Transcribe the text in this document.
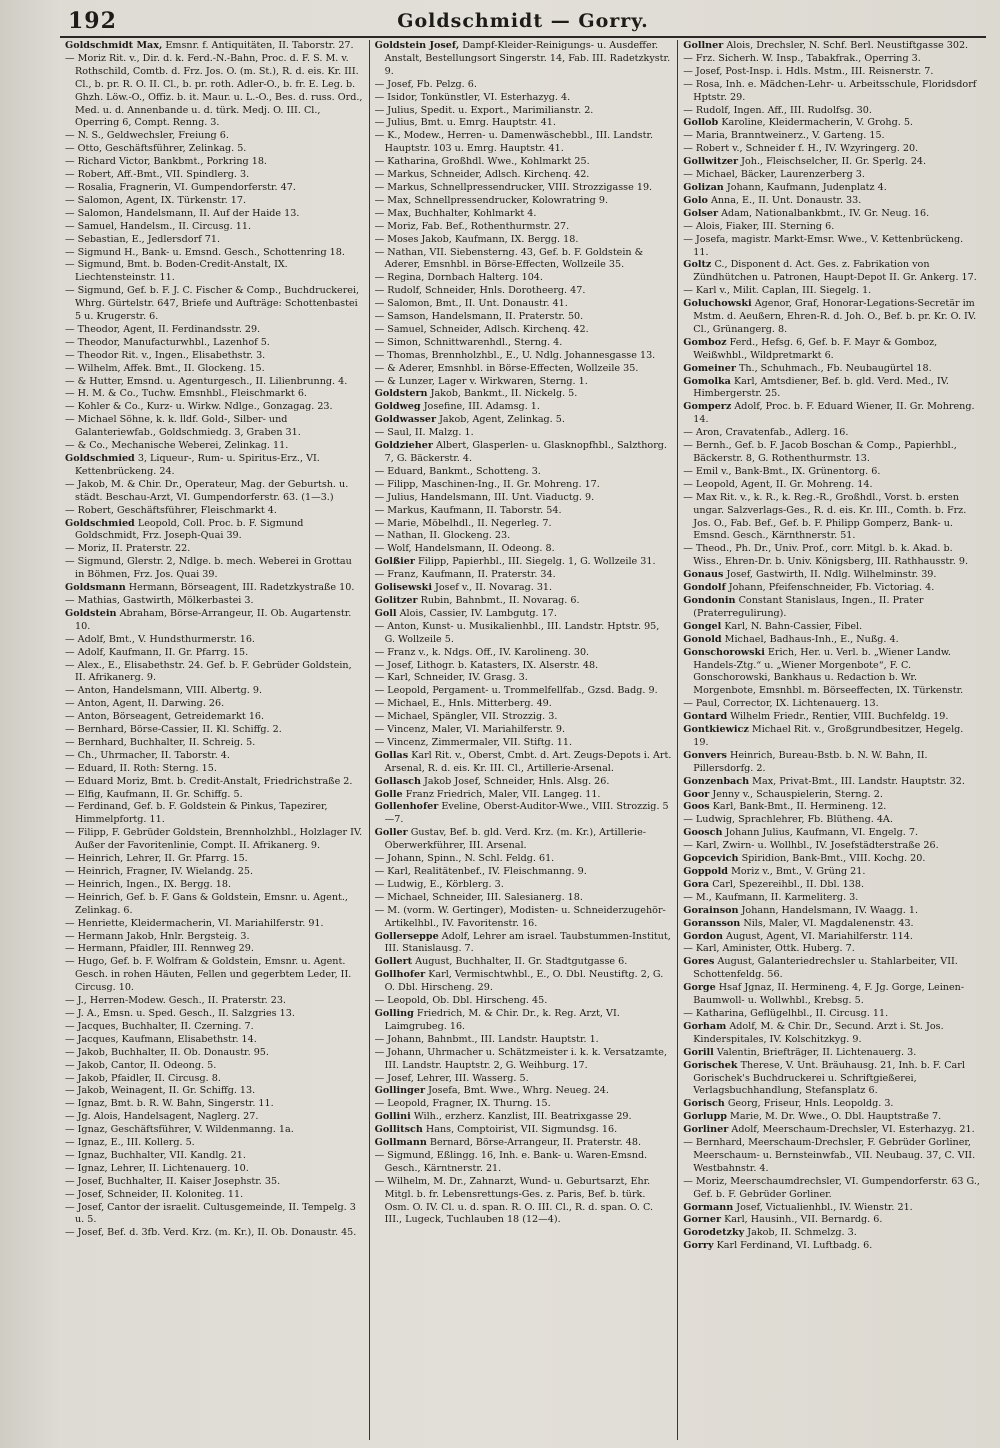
192	Goldschmidt — Gorry.

Goldschmidt Max, Emsnr. f. Antiquitäten, II. Taborstr. 27.

— Moriz Rit. v., Dir. d. k. Ferd.-N.-Bahn, Proc. d. F. S. M. v. Rothschild, Comtb. d. Frz. Jos. O. (m. St.), R. d. eis. Kr. III. Cl., b. pr. R. O. II. Cl., b. pr. roth. Adler-O., b. fr. E. Leg. b. Ghzh. Löw.-O., Offiz. b. it. Maur. u. L.-O., Bes. d. russ. Ord., Med. u. d. Annenbande u. d. türk. Medj. O. III. Cl., Operring 6, Compt. Renng. 3.

— N. S., Geldwechsler, Freiung 6.

— Otto, Geschäftsführer, Zelinkag. 5.

— Richard Victor, Bankbmt., Porkring 18.

— Robert, Aff.-Bmt., VII. Spindlerg. 3.

— Rosalia, Fragnerin, VI. Gumpendorferstr. 47.

— Salomon, Agent, IX. Türkenstr. 17.

— Salomon, Handelsmann, II. Auf der Haide 13.

— Samuel, Handelsm., II. Circusg. 11.

— Sebastian, E., Jedlersdorf 71.

— Sigmund H., Bank- u. Emsnd. Gesch., Schottenring 18.

— Sigmund, Bmt. b. Boden-Credit-Anstalt, IX. Liechtensteinstr. 11.

— Sigmund, Gef. b. F. J. C. Fischer & Comp., Buchdruckerei, Whrg. Gürtelstr. 647, Briefe und Aufträge: Schottenbastei 5 u. Krugerstr. 6.

— Theodor, Agent, II. Ferdinandsstr. 29.

— Theodor, Manufacturwhbl., Lazenhof 5.

— Theodor Rit. v., Ingen., Elisabethstr. 3.

— Wilhelm, Affek. Bmt., II. Glockeng. 15.

— & Hutter, Emsnd. u. Agenturgesch., II. Lilienbrunng. 4.

— H. M. & Co., Tuchw. Emsnhbl., Fleischmarkt 6.

— Kohler & Co., Kurz- u. Wirkw. Ndlge., Gonzagag. 23.

— Michael Söhne, k. k. lldf. Gold-, Silber- und Galanteriewfab., Goldschmiedg. 3, Graben 31.

— & Co., Mechanische Weberei, Zelinkag. 11.

Goldschmied 3, Liqueur-, Rum- u. Spiritus-Erz., VI. Kettenbrückeng. 24.

— Jakob, M. & Chir. Dr., Operateur, Mag. der Geburtsh. u. städt. Beschau-Arzt, VI. Gumpendorferstr. 63. (1—3.)

— Robert, Geschäftsführer, Fleischmarkt 4.

Goldschmied Leopold, Coll. Proc. b. F. Sigmund Goldschmidt, Frz. Joseph-Quai 39.

— Moriz, II. Praterstr. 22.

— Sigmund, Glerstr. 2, Ndlge. b. mech. Weberei in Grottau in Böhmen, Frz. Jos. Quai 39.

Goldsmann Hermann, Börseagent, III. Radetzkystraße 10.

— Mathias, Gastwirth, Mölkerbastei 3.

Goldstein Abraham, Börse-Arrangeur, II. Ob. Augartenstr. 10.

— Adolf, Bmt., V. Hundsthurmerstr. 16.

— Adolf, Kaufmann, II. Gr. Pfarrg. 15.

— Alex., E., Elisabethstr. 24. Gef. b. F. Gebrüder Goldstein, II. Afrikanerg. 9.

— Anton, Handelsmann, VIII. Albertg. 9.

— Anton, Agent, II. Darwing. 26.

— Anton, Börseagent, Getreidemarkt 16.

— Bernhard, Börse-Cassier, II. Kl. Schiffg. 2.

— Bernhard, Buchhalter, II. Schreig. 5.

— Ch., Uhrmacher, II. Taborstr. 4.

— Eduard, II. Roth: Sterng. 15.

— Eduard Moriz, Bmt. b. Credit-Anstalt, Friedrichstraße 2.

— Elfig, Kaufmann, II. Gr. Schiffg. 5.

— Ferdinand, Gef. b. F. Goldstein & Pinkus, Tapezirer, Himmelpfortg. 11.

— Filipp, F. Gebrüder Goldstein, Brennholzhbl., Holzlager IV. Außer der Favoritenlinie, Compt. II. Afrikanerg. 9.

— Heinrich, Lehrer, II. Gr. Pfarrg. 15.

— Heinrich, Fragner, IV. Wielandg. 25.

— Heinrich, Ingen., IX. Bergg. 18.

— Heinrich, Gef. b. F. Gans & Goldstein, Emsnr. u. Agent., Zelinkag. 6.

— Henriette, Kleidermacherin, VI. Mariahilferstr. 91.

— Hermann Jakob, Hnlr. Bergsteig. 3.

— Hermann, Pfaidler, III. Rennweg 29.

— Hugo, Gef. b. F. Wolfram & Goldstein, Emsnr. u. Agent. Gesch. in rohen Häuten, Fellen und gegerbtem Leder, II. Circusg. 10.

— J., Herren-Modew. Gesch., II. Praterstr. 23.

— J. A., Emsn. u. Sped. Gesch., II. Salzgries 13.

— Jacques, Buchhalter, II. Czerning. 7.

— Jacques, Kaufmann, Elisabethstr. 14.

— Jakob, Buchhalter, II. Ob. Donaustr. 95.

— Jakob, Cantor, II. Odeong. 5.

— Jakob, Pfaidler, II. Circusg. 8.

— Jakob, Weinagent, II. Gr. Schiffg. 13.

— Ignaz, Bmt. b. R. W. Bahn, Singerstr. 11.

— Jg. Alois, Handelsagent, Naglerg. 27.

— Ignaz, Geschäftsführer, V. Wildenmanng. 1a.

— Ignaz, E., III. Kollerg. 5.

— Ignaz, Buchhalter, VII. Kandlg. 21.

— Ignaz, Lehrer, II. Lichtenauerg. 10.

— Josef, Buchhalter, II. Kaiser Josephstr. 35.

— Josef, Schneider, II. Koloniteg. 11.

— Josef, Cantor der israelit. Cultusgemeinde, II. Tempelg. 3 u. 5.

— Josef, Bef. d. 3fb. Verd. Krz. (m. Kr.), II. Ob. Donaustr. 45.

Goldstein Josef, Dampf-Kleider-Reinigungs- u. Ausdeffer. Anstalt, Bestellungsort Singerstr. 14, Fab. III. Radetzkystr. 9.

— Josef, Fb. Pelzg. 6.

— Isidor, Tonkünstler, VI. Esterhazyg. 4.

— Julius, Spedit. u. Export., Marimilianstr. 2.

— Julius, Bmt. u. Emrg. Hauptstr. 41.

— K., Modew., Herren- u. Damenwäschebbl., III. Landstr. Hauptstr. 103 u. Emrg. Hauptstr. 41.

— Katharina, Großhdl. Wwe., Kohlmarkt 25.

— Markus, Schneider, Adlsch. Kirchenq. 42.

— Markus, Schnellpressendrucker, VIII. Strozzigasse 19.

— Max, Schnellpressendrucker, Kolowratring 9.

— Max, Buchhalter, Kohlmarkt 4.

— Moriz, Fab. Bef., Rothenthurmstr. 27.

— Moses Jakob, Kaufmann, IX. Bergg. 18.

— Nathan, VII. Siebensterng. 43, Gef. b. F. Goldstein & Aderer, Emsnhbl. in Börse-Effecten, Wollzeile 35.

— Regina, Dornbach Halterg. 104.

— Rudolf, Schneider, Hnls. Dorotheerg. 47.

— Salomon, Bmt., II. Unt. Donaustr. 41.

— Samson, Handelsmann, II. Praterstr. 50.

— Samuel, Schneider, Adlsch. Kirchenq. 42.

— Simon, Schnittwarenhdl., Sterng. 4.

— Thomas, Brennholzhbl., E., U. Ndlg. Johannesgasse 13.

— & Aderer, Emsnhbl. in Börse-Effecten, Wollzeile 35.

— & Lunzer, Lager v. Wirkwaren, Sterng. 1.

Goldstern Jakob, Bankmt., II. Nickelg. 5.

Goldweg Josefine, III. Adamsg. 1.

Goldwasser Jakob, Agent, Zelinkag. 5.

— Saul, II. Malzg. 1.

Goldzieher Albert, Glasperlen- u. Glasknopfhbl., Salzthorg. 7, G. Bäckerstr. 4.

— Eduard, Bankmt., Schotteng. 3.

— Filipp, Maschinen-Ing., II. Gr. Mohreng. 17.

— Julius, Handelsmann, III. Unt. Viaductg. 9.

— Markus, Kaufmann, II. Taborstr. 54.

— Marie, Möbelhdl., II. Negerleg. 7.

— Nathan, II. Glockeng. 23.

— Wolf, Handelsmann, II. Odeong. 8.

Golßier Filipp, Papierhbl., III. Siegelg. 1, G. Wollzeile 31.

— Franz, Kaufmann, II. Praterstr. 34.

Golisewski Josef v., II. Novarag. 31.

Golitzer Rubin, Bahnbmt., II. Novarag. 6.

Goll Alois, Cassier, IV. Lambgutg. 17.

— Anton, Kunst- u. Musikalienhbl., III. Landstr. Hptstr. 95, G. Wollzeile 5.

— Franz v., k. Ndgs. Off., IV. Karolineng. 30.

— Josef, Lithogr. b. Katasters, IX. Alserstr. 48.

— Karl, Schneider, IV. Grasg. 3.

— Leopold, Pergament- u. Trommelfellfab., Gzsd. Badg. 9.

— Michael, E., Hnls. Mitterberg. 49.

— Michael, Spängler, VII. Strozzig. 3.

— Vincenz, Maler, VI. Mariahilferstr. 9.

— Vincenz, Zimmermaler, VII. Stiftg. 11.

Gollas Karl Rit. v., Oberst, Cmbt. d. Art. Zeugs-Depots i. Art. Arsenal, R. d. eis. Kr. III. Cl., Artillerie-Arsenal.

Gollasch Jakob Josef, Schneider, Hnls. Alsg. 26.

Golle Franz Friedrich, Maler, VII. Langeg. 11.

Gollenhofer Eveline, Oberst-Auditor-Wwe., VIII. Strozzig. 5—7.

Goller Gustav, Bef. b. gld. Verd. Krz. (m. Kr.), Artillerie-Oberwerkführer, III. Arsenal.

— Johann, Spinn., N. Schl. Feldg. 61.

— Karl, Realitätenbef., IV. Fleischmanng. 9.

— Ludwig, E., Körblerg. 3.

— Michael, Schneider, III. Salesianerg. 18.

— M. (vorm. W. Gertinger), Modisten- u. Schneiderzugehör-Artikelhbl., IV. Favoritenstr. 16.

Gollerseppe Adolf, Lehrer am israel. Taubstummen-Institut, III. Stanislausg. 7.

Gollert August, Buchhalter, II. Gr. Stadtgutgasse 6.

Gollhofer Karl, Vermischtwhbl., E., O. Dbl. Neustiftg. 2, G. O. Dbl. Hirscheng. 29.

— Leopold, Ob. Dbl. Hirscheng. 45.

Golling Friedrich, M. & Chir. Dr., k. Reg. Arzt, VI. Laimgrubeg. 16.

— Johann, Bahnbmt., III. Landstr. Hauptstr. 1.

— Johann, Uhrmacher u. Schätzmeister i. k. k. Versatzamte, III. Landstr. Hauptstr. 2, G. Weihburg. 17.

— Josef, Lehrer, III. Wasserg. 5.

Gollinger Josefa, Bmt. Wwe., Whrg. Neueg. 24.

— Leopold, Fragner, IX. Thurng. 15.

Gollini Wilh., erzherz. Kanzlist, III. Beatrixgasse 29.

Gollitsch Hans, Comptoirist, VII. Sigmundsg. 16.

Gollmann Bernard, Börse-Arrangeur, II. Praterstr. 48.

— Sigmund, Eßlingg. 16, Inh. e. Bank- u. Waren-Emsnd. Gesch., Kärntnerstr. 21.

— Wilhelm, M. Dr., Zahnarzt, Wund- u. Geburtsarzt, Ehr. Mitgl. b. fr. Lebensrettungs-Ges. z. Paris, Bef. b. türk. Osm. O. IV. Cl. u. d. span. R. O. III. Cl., R. d. span. O. C. III., Lugeck, Tuchlauben 18 (12—4).

Gollner Alois, Drechsler, N. Schf. Berl. Neustiftgasse 302.

— Frz. Sicherh. W. Insp., Tabakfrak., Operring 3.

— Josef, Post-Insp. i. Hdls. Mstm., III. Reisnerstr. 7.

— Rosa, Inh. e. Mädchen-Lehr- u. Arbeitsschule, Floridsdorf Hptstr. 29.

— Rudolf, Ingen. Aff., III. Rudolfsg. 30.

Gollob Karoline, Kleidermacherin, V. Grohg. 5.

— Maria, Branntweinerz., V. Garteng. 15.

— Robert v., Schneider f. H., IV. Wzyringerg. 20.

Gollwitzer Joh., Fleischselcher, II. Gr. Sperlg. 24.

— Michael, Bäcker, Laurenzerberg 3.

Golizan Johann, Kaufmann, Judenplatz 4.

Golo Anna, E., II. Unt. Donaustr. 33.

Golser Adam, Nationalbankbmt., IV. Gr. Neug. 16.

— Alois, Fiaker, III. Sterning 6.

— Josefa, magistr. Markt-Emsr. Wwe., V. Kettenbrückeng. 11.

Goltz C., Disponent d. Act. Ges. z. Fabrikation von Zündhütchen u. Patronen, Haupt-Depot II. Gr. Ankerg. 17.

— Karl v., Milit. Caplan, III. Siegelg. 1.

Goluchowski Agenor, Graf, Honorar-Legations-Secretär im Mstm. d. Aeußern, Ehren-R. d. Joh. O., Bef. b. pr. Kr. O. IV. Cl., Grünangerg. 8.

Gomboz Ferd., Hefsg. 6, Gef. b. F. Mayr & Gomboz, Weißwhbl., Wildpretmarkt 6.

Gomeiner Th., Schuhmach., Fb. Neubaugürtel 18.

Gomolka Karl, Amtsdiener, Bef. b. gld. Verd. Med., IV. Himbergerstr. 25.

Gomperz Adolf, Proc. b. F. Eduard Wiener, II. Gr. Mohreng. 14.

— Aron, Cravatenfab., Adlerg. 16.

— Bernh., Gef. b. F. Jacob Boschan & Comp., Papierhbl., Bäckerstr. 8, G. Rothenthurmstr. 13.

— Emil v., Bank-Bmt., IX. Grünentorg. 6.

— Leopold, Agent, II. Gr. Mohreng. 14.

— Max Rit. v., k. R., k. Reg.-R., Großhdl., Vorst. b. ersten ungar. Salzverlags-Ges., R. d. eis. Kr. III., Comth. b. Frz. Jos. O., Fab. Bef., Gef. b. F. Philipp Gomperz, Bank- u. Emsnd. Gesch., Kärnthnerstr. 51.

— Theod., Ph. Dr., Univ. Prof., corr. Mitgl. b. k. Akad. b. Wiss., Ehren-Dr. b. Univ. Königsberg, III. Rathhausstr. 9.

Gonaus Josef, Gastwirth, II. Ndlg. Wilhelminstr. 39.

Gondolf Johann, Pfeifenschneider, Fb. Victoriag. 4.

Gondonin Constant Stanislaus, Ingen., II. Prater (Praterregulirung).

Gongel Karl, N. Bahn-Cassier, Fibel.

Gonold Michael, Badhaus-Inh., E., Nußg. 4.

Gonschorowski Erich, Her. u. Verl. b. „Wiener Landw. Handels-Ztg.“ u. „Wiener Morgenbote“, F. C. Gonschorowski, Bankhaus u. Redaction b. Wr. Morgenbote, Emsnhbl. m. Börseeffecten, IX. Türkenstr.

— Paul, Corrector, IX. Lichtenauerg. 13.

Gontard Wilhelm Friedr., Rentier, VIII. Buchfeldg. 19.

Gontkiewicz Michael Rit. v., Großgrundbesitzer, Hegelg. 19.

Gonvers Heinrich, Bureau-Bstb. b. N. W. Bahn, II. Pillersdorfg. 2.

Gonzenbach Max, Privat-Bmt., III. Landstr. Hauptstr. 32.

Goor Jenny v., Schauspielerin, Sterng. 2.

Goos Karl, Bank-Bmt., II. Hermineng. 12.

— Ludwig, Sprachlehrer, Fb. Blütheng. 4A.

Goosch Johann Julius, Kaufmann, VI. Engelg. 7.

— Karl, Zwirn- u. Wollhbl., IV. Josefstädterstraße 26.

Gopcevich Spiridion, Bank-Bmt., VIII. Kochg. 20.

Goppold Moriz v., Bmt., V. Grüng 21.

Gora Carl, Spezereihbl., II. Dbl. 138.

— M., Kaufmann, II. Karmeliterg. 3.

Gorainson Johann, Handelsmann, IV. Waagg. 1.

Goransson Nils, Maler, VI. Magdalenenstr. 43.

Gordon August, Agent, VI. Mariahilferstr. 114.

— Karl, Aminister, Ottk. Huberg. 7.

Gores August, Galanteriedrechsler u. Stahlarbeiter, VII. Schottenfeldg. 56.

Gorge Hsaf Jgnaz, II. Hermineng. 4, F. Jg. Gorge, Leinen-Baumwoll- u. Wollwhbl., Krebsg. 5.

— Katharina, Geflügelhbl., II. Circusg. 11.

Gorham Adolf, M. & Chir. Dr., Secund. Arzt i. St. Jos. Kinderspitales, IV. Kolschitzkyg. 9.

Gorill Valentin, Briefträger, II. Lichtenauerg. 3.

Gorischek Therese, V. Unt. Bräuhausg. 21, Inh. b. F. Carl Gorischek's Buchdruckerei u. Schriftgießerei, Verlagsbuchhandlung, Stefansplatz 6.

Gorisch Georg, Friseur, Hnls. Leopoldg. 3.

Gorlupp Marie, M. Dr. Wwe., O. Dbl. Hauptstraße 7.

Gorliner Adolf, Meerschaum-Drechsler, VI. Esterhazyg. 21.

— Bernhard, Meerschaum-Drechsler, F. Gebrüder Gorliner, Meerschaum- u. Bernsteinwfab., VII. Neubaug. 37, C. VII. Westbahnstr. 4.

— Moriz, Meerschaumdrechsler, VI. Gumpendorferstr. 63 G., Gef. b. F. Gebrüder Gorliner.

Gormann Josef, Victualienhbl., IV. Wienstr. 21.

Gorner Karl, Hausinh., VII. Bernardg. 6.

Gorodetzky Jakob, II. Schmelzg. 3.

Gorry Karl Ferdinand, VI. Luftbadg. 6.
